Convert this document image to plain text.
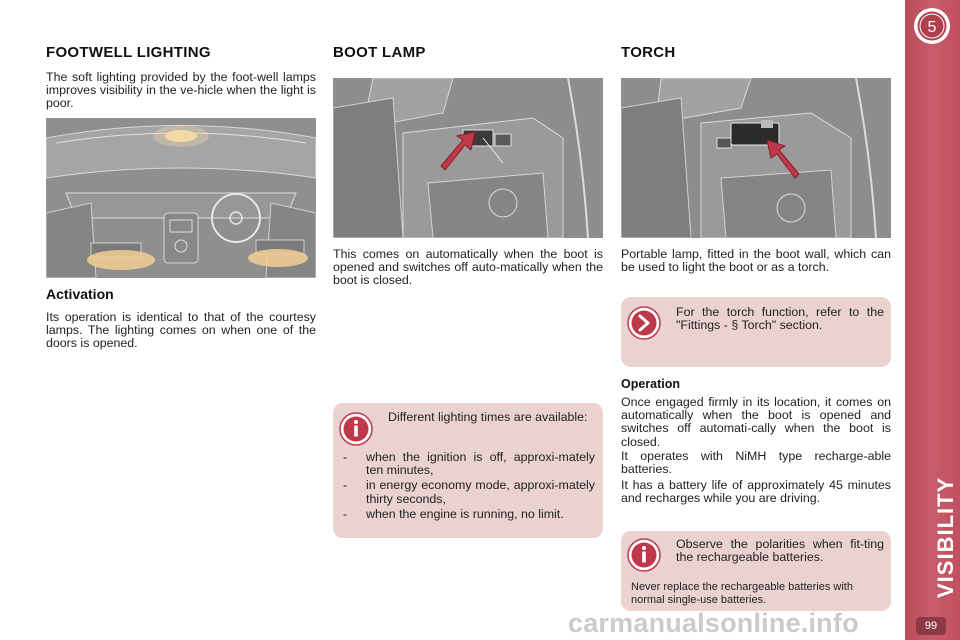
FOOTWELL LIGHTING

The soft lighting provided by the foot-well lamps improves visibility in the ve-hicle when the light is poor.

Activation

Its operation is identical to that of the courtesy lamps. The lighting comes on when one of the doors is opened.

BOOT LAMP

This comes on automatically when the boot is opened and switches off auto-matically when the boot is closed.

Different lighting times are available:

- when the ignition is off, approxi-mately ten minutes,
- in energy economy mode, approxi-mately thirty seconds,
- when the engine is running, no limit.
TORCH

Portable lamp, fitted in the boot wall, which can be used to light the boot or as a torch.

For the torch function, refer to the "Fittings - § Torch" section.

Operation

Once engaged firmly in its location, it comes on automatically when the boot is opened and switches off automati-cally when the boot is closed.

It operates with NiMH type recharge-able batteries.

It has a battery life of approximately 45 minutes and recharges while you are driving.

Observe the polarities when fit-ting the rechargeable batteries.

Never replace the rechargeable batteries with normal single-use batteries.

5
VISIBILITY
99
carmanualsonline.info
